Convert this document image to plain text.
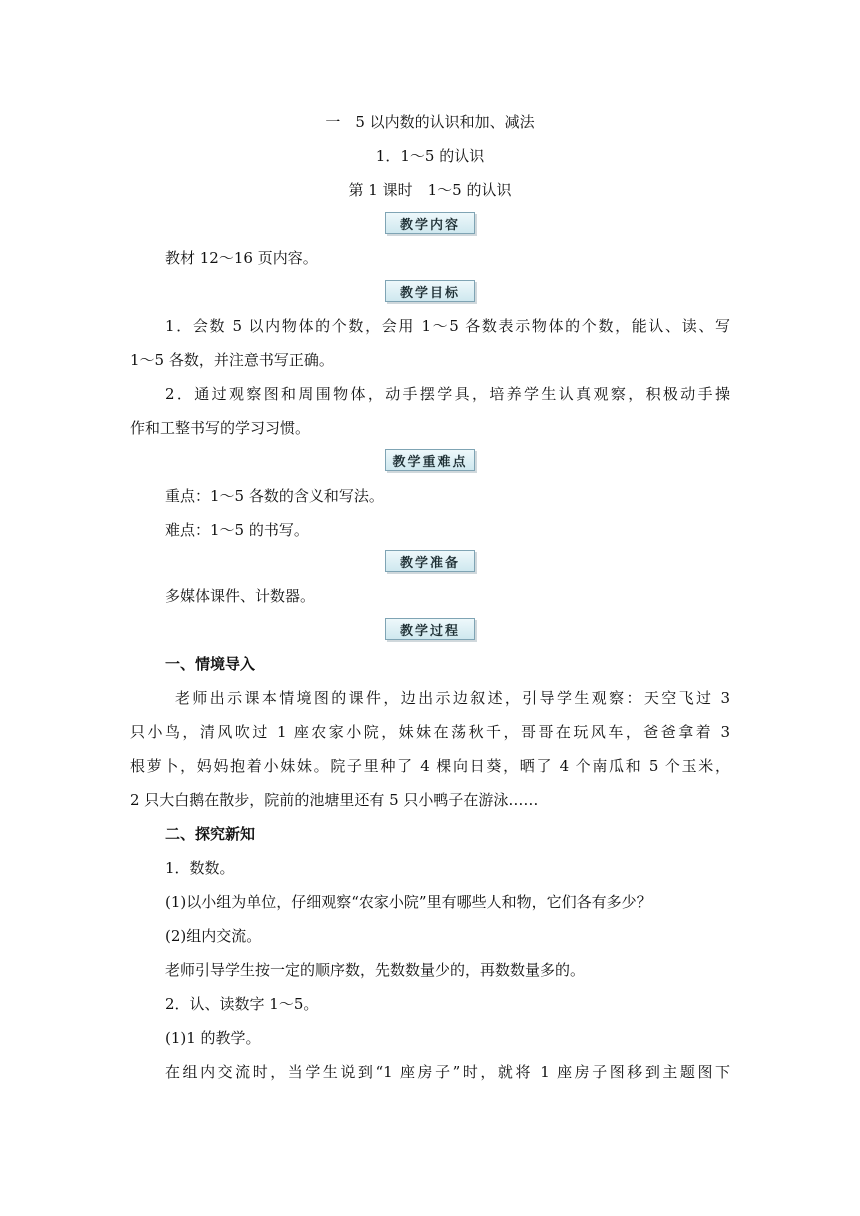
一　5 以内数的认识和加、减法
1．1～5 的认识
第 1 课时　1～5 的认识
教学内容
教材 12～16 页内容。
教学目标
1．会数 5 以内物体的个数，会用 1～5 各数表示物体的个数，能认、读、写
1～5 各数，并注意书写正确。
2．通过观察图和周围物体，动手摆学具，培养学生认真观察，积极动手操
作和工整书写的学习习惯。
教学重难点
重点：1～5 各数的含义和写法。
难点：1～5 的书写。
教学准备
多媒体课件、计数器。
教学过程
一、情境导入
老师出示课本情境图的课件，边出示边叙述，引导学生观察：天空飞过 3
只小鸟，清风吹过 1 座农家小院，妹妹在荡秋千，哥哥在玩风车，爸爸拿着 3
根萝卜，妈妈抱着小妹妹。院子里种了 4 棵向日葵，晒了 4 个南瓜和 5 个玉米，
2 只大白鹅在散步，院前的池塘里还有 5 只小鸭子在游泳……
二、探究新知
1．数数。
(1)以小组为单位，仔细观察“农家小院”里有哪些人和物，它们各有多少？
(2)组内交流。
老师引导学生按一定的顺序数，先数数量少的，再数数量多的。
2．认、读数字 1～5。
(1)1 的教学。
在组内交流时，当学生说到“1 座房子”时，就将 1 座房子图移到主题图下
